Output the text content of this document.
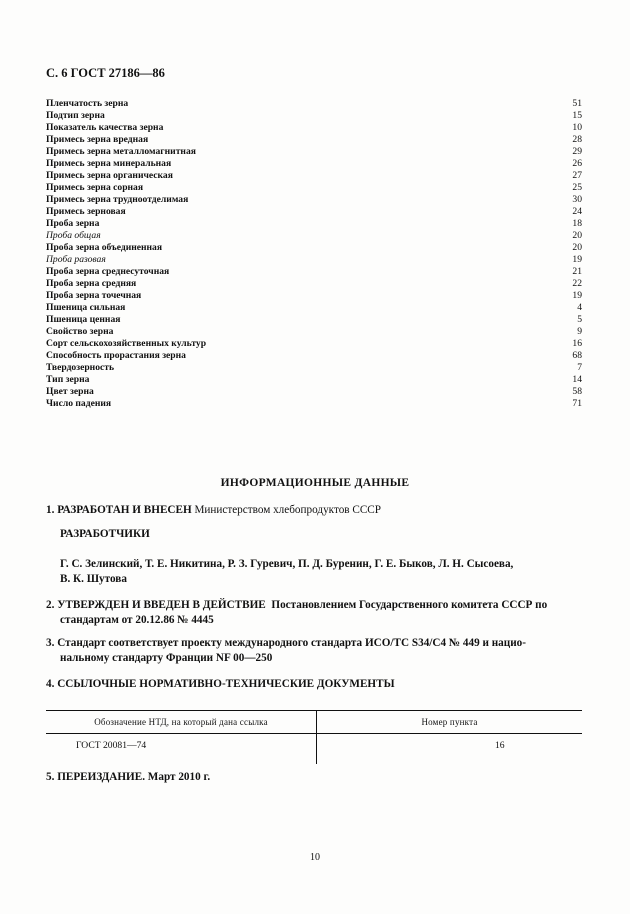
С. 6 ГОСТ 27186—86
Пленчатость зерна	51
Подтип зерна	15
Показатель качества зерна	10
Примесь зерна вредная	28
Примесь зерна металломагнитная	29
Примесь зерна минеральная	26
Примесь зерна органическая	27
Примесь зерна сорная	25
Примесь зерна трудноотделимая	30
Примесь зерновая	24
Проба зерна	18
Проба общая	20
Проба зерна объединенная	20
Проба разовая	19
Проба зерна среднесуточная	21
Проба зерна средняя	22
Проба зерна точечная	19
Пшеница сильная	4
Пшеница ценная	5
Свойство зерна	9
Сорт сельскохозяйственных культур	16
Способность прорастания зерна	68
Твердозерность	7
Тип зерна	14
Цвет зерна	58
Число падения	71
ИНФОРМАЦИОННЫЕ ДАННЫЕ
1. РАЗРАБОТАН И ВНЕСЕН Министерством хлебопродуктов СССР
РАЗРАБОТЧИКИ
Г. С. Зелинский, Т. Е. Никитина, Р. З. Гуревич, П. Д. Буренин, Г. Е. Быков, Л. Н. Сысоева,
В. К. Шутова
2. УТВЕРЖДЕН И ВВЕДЕН В ДЕЙСТВИЕ Постановлением Государственного комитета СССР по
стандартам от 20.12.86 № 4445
3. Стандарт соответствует проекту международного стандарта ИСО/ТС S34/С4 № 449 и нацио-
нальному стандарту Франции NF 00—250
4. ССЫЛОЧНЫЕ НОРМАТИВНО-ТЕХНИЧЕСКИЕ ДОКУМЕНТЫ
Обозначение НТД, на который дана ссылка	Номер пункта
ГОСТ 20081—74	16
5. ПЕРЕИЗДАНИЕ. Март 2010 г.
10
